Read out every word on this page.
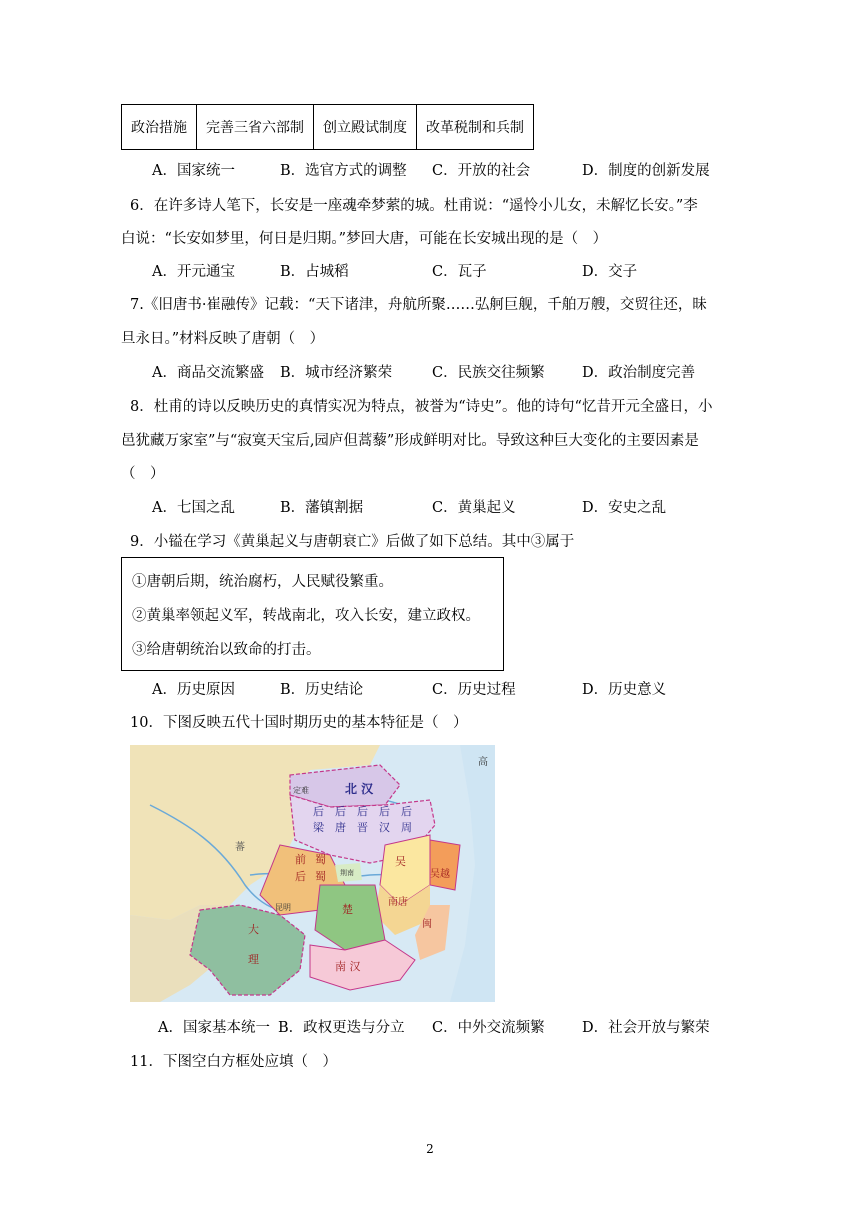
政治措施	完善三省六部制	创立殿试制度	改革税制和兵制
A．国家统一	B．选官方式的调整 C．开放的社会	D．制度的创新发展
6．在许多诗人笔下，长安是一座魂牵梦萦的城。杜甫说：“遥怜小儿女，未解忆长安。”李
白说：“长安如梦里，何日是归期。”梦回大唐，可能在长安城出现的是（　）
A．开元通宝	B．占城稻	C．瓦子	D．交子
7.《旧唐书·崔融传》记载：“天下诸津，舟航所聚……弘舸巨舰，千舶万艘，交贸往还，昧
旦永日。”材料反映了唐朝（　）
A．商品交流繁盛 B．城市经济繁荣	C．民族交往频繁	D．政治制度完善
8．杜甫的诗以反映历史的真情实况为特点，被誉为“诗史”。他的诗句“忆昔开元全盛日，小
邑犹藏万家室”与“寂寞天宝后,园庐但蒿藜”形成鲜明对比。导致这种巨大变化的主要因素是
（　）
A．七国之乱	B．藩镇割据	C．黄巢起义	D．安史之乱
9．小镒在学习《黄巢起义与唐朝衰亡》后做了如下总结。其中③属于
①唐朝后期，统治腐朽，人民赋役繁重。
②黄巢率领起义军，转战南北，攻入长安，建立政权。
③给唐朝统治以致命的打击。
A．历史原因	B．历史结论	C．历史过程	D．历史意义
10．下图反映五代十国时期历史的基本特征是（　）
北 汉
高
定难
后 后 后 后 后
梁 唐 晋 汉 周
前 蜀
后 蜀
吴
吴越
南唐
闽
楚
荆南
南 汉
大
理
昆明
蕃
A．国家基本统一 B．政权更迭与分立 C．中外交流频繁	D．社会开放与繁荣
11．下图空白方框处应填（　）
2
